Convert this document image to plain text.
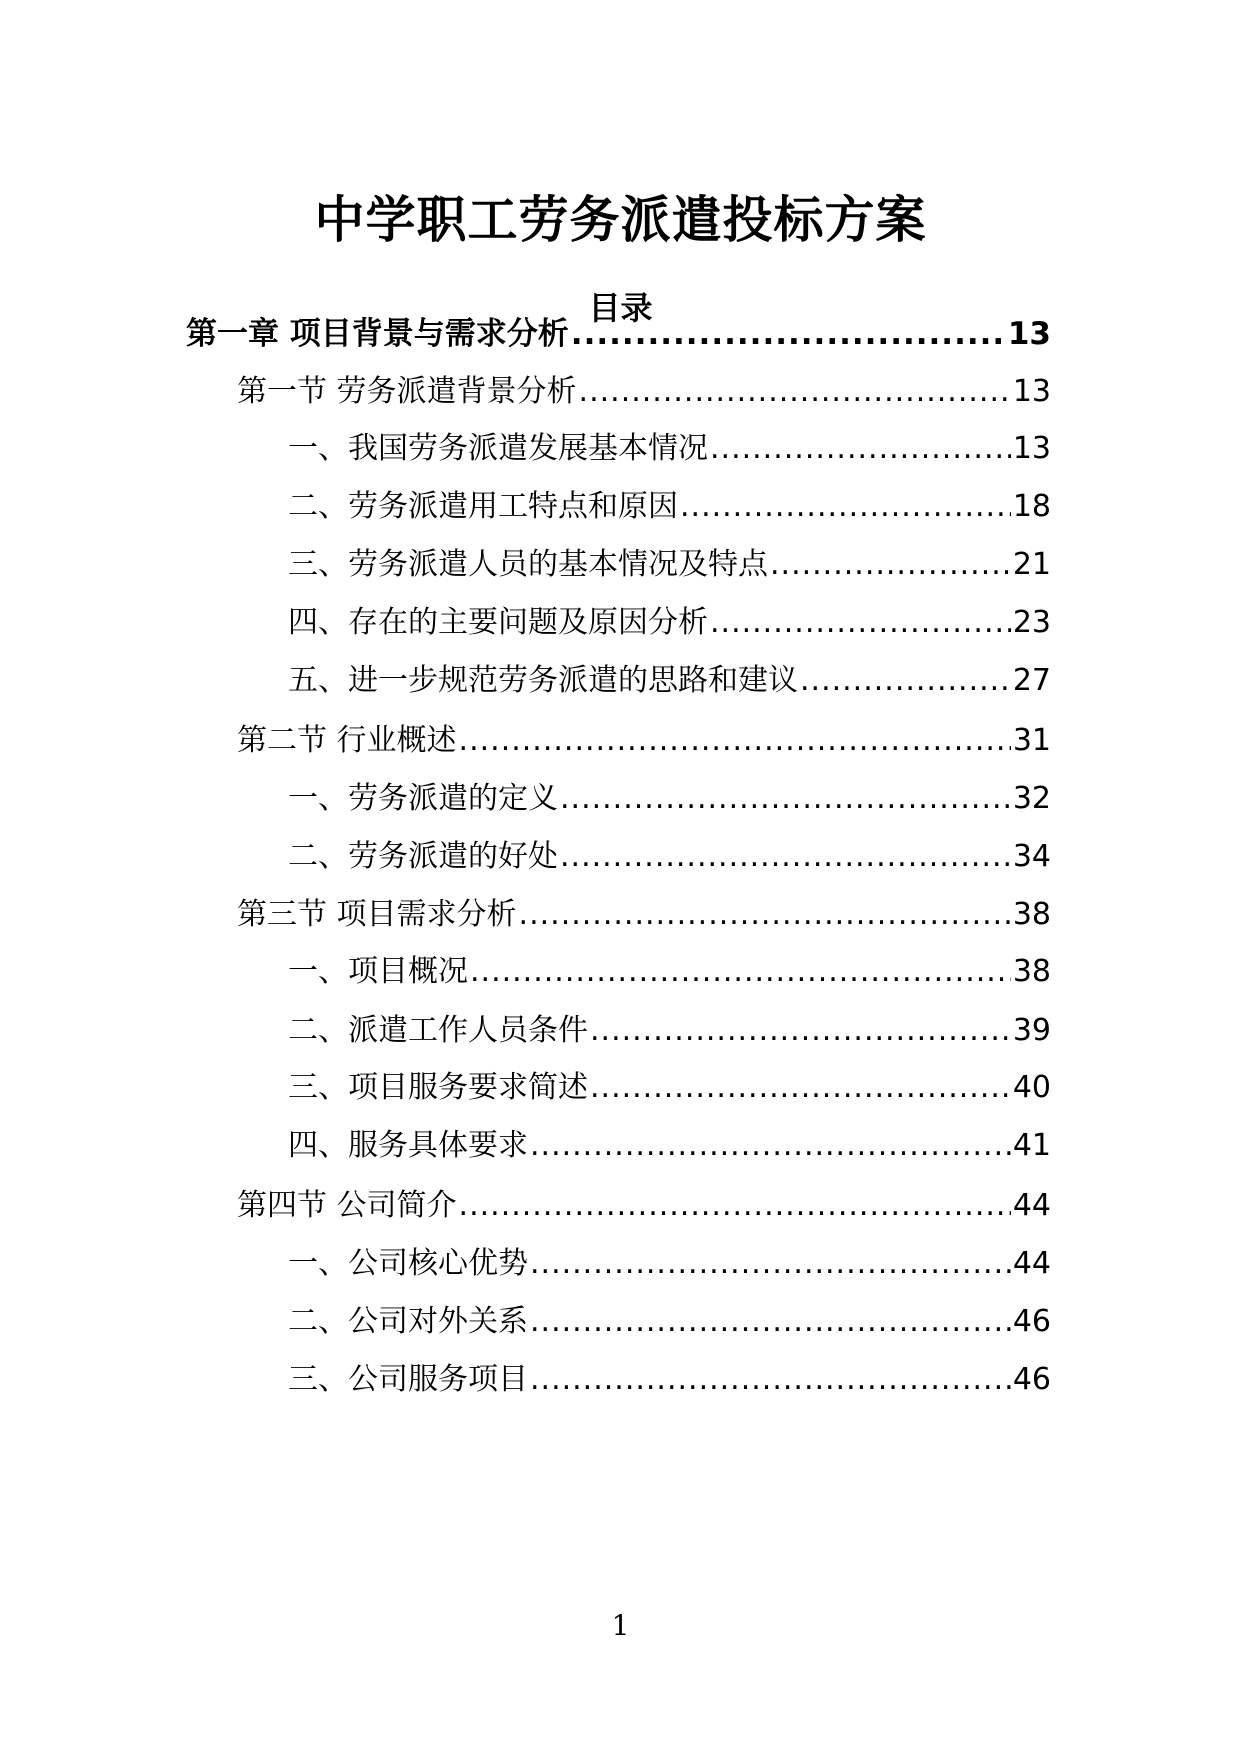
中学职工劳务派遣投标方案
目录
第一章 项目背景与需求分析 .....	13
第一节 劳务派遣背景分析 .....	13
一、我国劳务派遣发展基本情况 .....	13
二、劳务派遣用工特点和原因 .....	18
三、劳务派遣人员的基本情况及特点 .....	21
四、存在的主要问题及原因分析 .....	23
五、进一步规范劳务派遣的思路和建议 .....	27
第二节 行业概述 .....	31
一、劳务派遣的定义 .....	32
二、劳务派遣的好处 .....	34
第三节 项目需求分析 .....	38
一、项目概况 .....	38
二、派遣工作人员条件 .....	39
三、项目服务要求简述 .....	40
四、服务具体要求 .....	41
第四节 公司简介 .....	44
一、公司核心优势 .....	44
二、公司对外关系 .....	46
三、公司服务项目 .....	46
1
